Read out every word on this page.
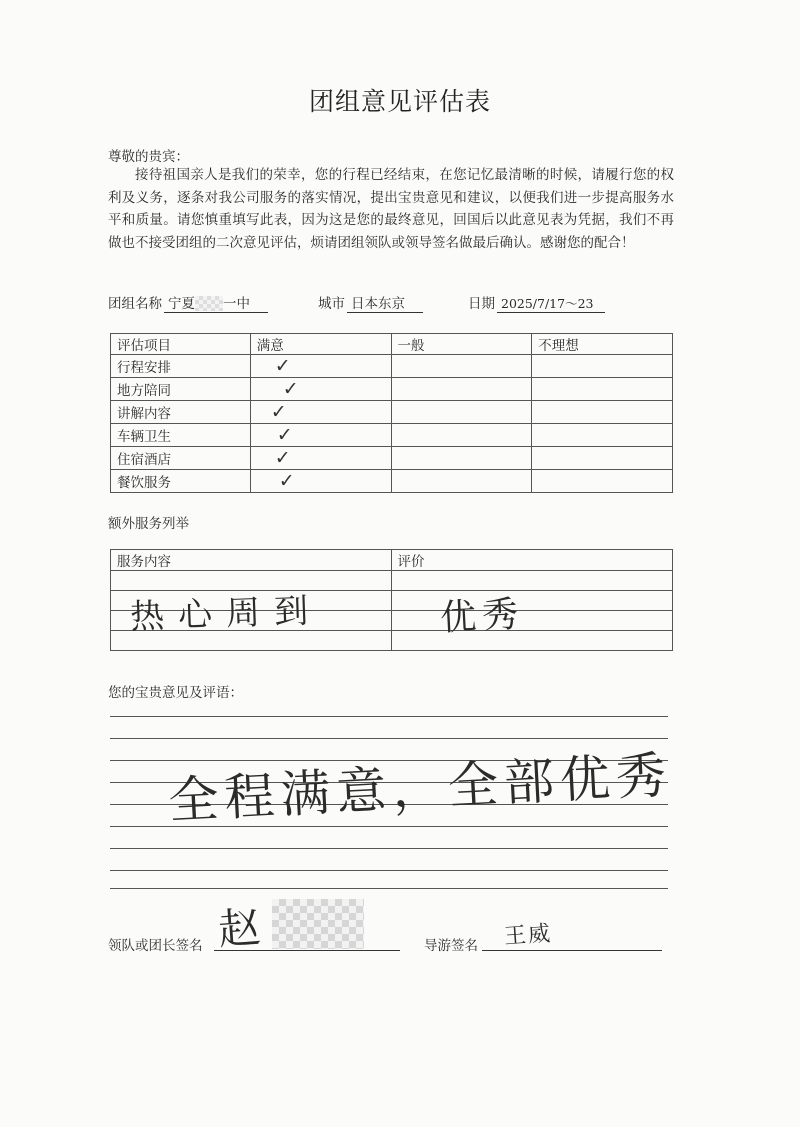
团组意见评估表
尊敬的贵宾：

接待祖国亲人是我们的荣幸，您的行程已经结束，在您记忆最清晰的时候，请履行您的权利及义务，逐条对我公司服务的落实情况，提出宝贵意见和建议，以便我们进一步提高服务水平和质量。请您慎重填写此表，因为这是您的最终意见，回国后以此意见表为凭据，我们不再做也不接受团组的二次意见评估，烦请团组领队或领导签名做最后确认。感谢您的配合！

团组名称 宁夏 一中	城市 日本东京	日期 2025/7/17～23
评估项目	满意	一般	不理想
行程安排	✓		
地方陪同	✓		
讲解内容	✓		
车辆卫生	✓		
住宿酒店	✓		
餐饮服务	✓		
额外服务列举
服务内容	评价

热心周到	优秀
您的宝贵意见及评语：
全程满意，全部优秀
领队或团长签名 赵	导游签名 王威
